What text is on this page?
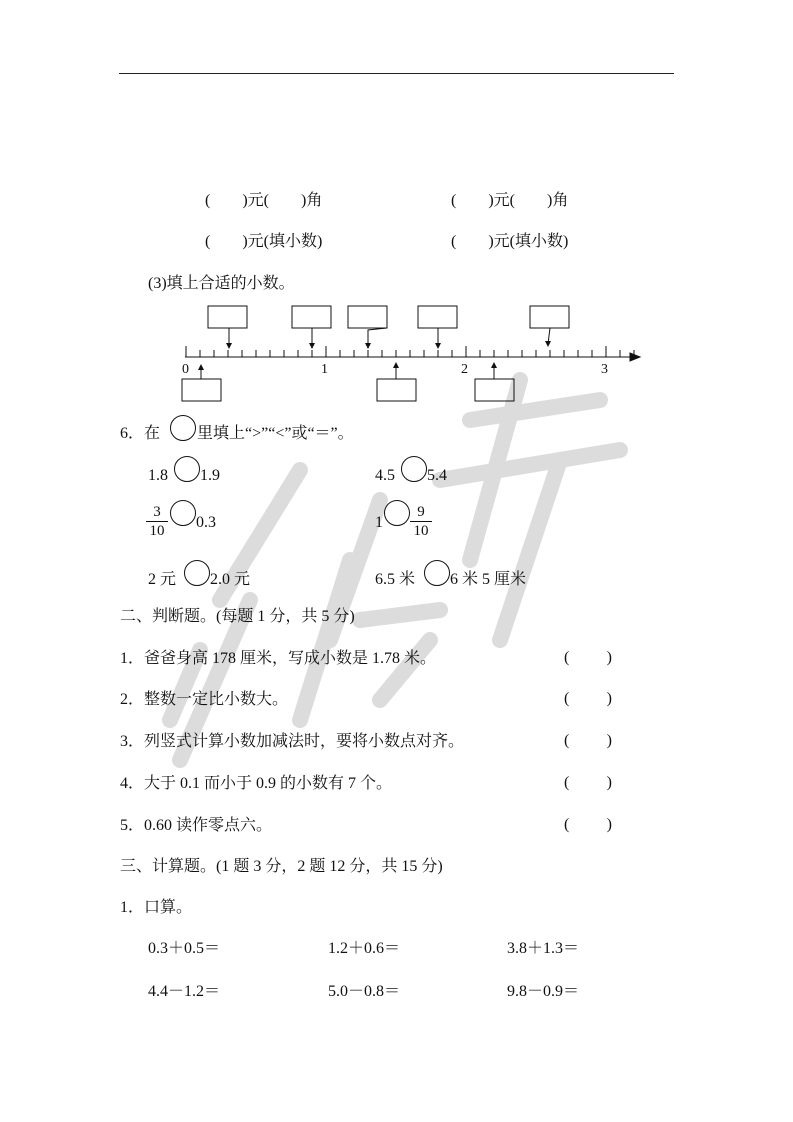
(　　)元(　　)角	(　　)元(　　)角
(　　)元(填小数)	(　　)元(填小数)
(3)填上合适的小数。
0	1	2	3
6．在 里填上“>”“<”或“＝”。
1.8 1.9	4.5 5.4
$\frac{3}{10} 0.3$	$1 \frac{9}{10}$
2 元 2.0 元	6.5 米 6 米 5 厘米
二、判断题。(每题 1 分，共 5 分)
1．爸爸身高 178 厘米，写成小数是 1.78 米。	( )
2．整数一定比小数大。	( )
3．列竖式计算小数加减法时，要将小数点对齐。	( )
4．大于 0.1 而小于 0.9 的小数有 7 个。	( )
5．0.60 读作零点六。	( )
三、计算题。(1 题 3 分，2 题 12 分，共 15 分)
1．口算。
0.3＋0.5＝	1.2＋0.6＝	3.8＋1.3＝
4.4－1.2＝	5.0－0.8＝	9.8－0.9＝
